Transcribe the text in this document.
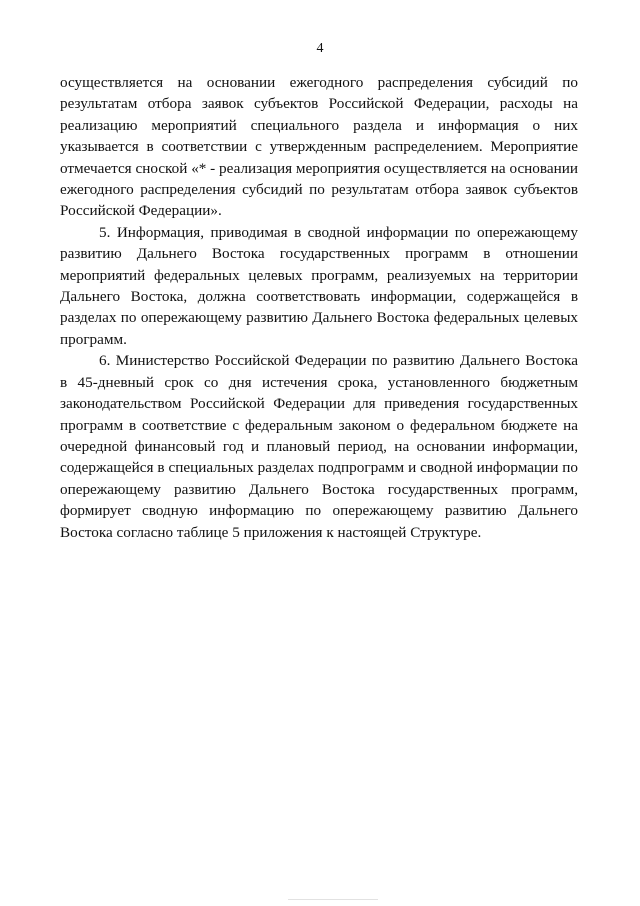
4

осуществляется на основании ежегодного распределения субсидий по результатам отбора заявок субъектов Российской Федерации, расходы на реализацию мероприятий специального раздела и информация о них указывается в соответствии с утвержденным распределением. Мероприятие отмечается сноской «* - реализация мероприятия осуществляется на основании ежегодного распределения субсидий по результатам отбора заявок субъектов Российской Федерации».

5. Информация, приводимая в сводной информации по опережающему развитию Дальнего Востока государственных программ в отношении мероприятий федеральных целевых программ, реализуемых на территории Дальнего Востока, должна соответствовать информации, содержащейся в разделах по опережающему развитию Дальнего Востока федеральных целевых программ.

6. Министерство Российской Федерации по развитию Дальнего Востока в 45-дневный срок со дня истечения срока, установленного бюджетным законодательством Российской Федерации для приведения государственных программ в соответствие с федеральным законом о федеральном бюджете на очередной финансовый год и плановый период, на основании информации, содержащейся в специальных разделах подпрограмм и сводной информации по опережающему развитию Дальнего Востока государственных программ, формирует сводную информацию по опережающему развитию Дальнего Востока согласно таблице 5 приложения к настоящей Структуре.
